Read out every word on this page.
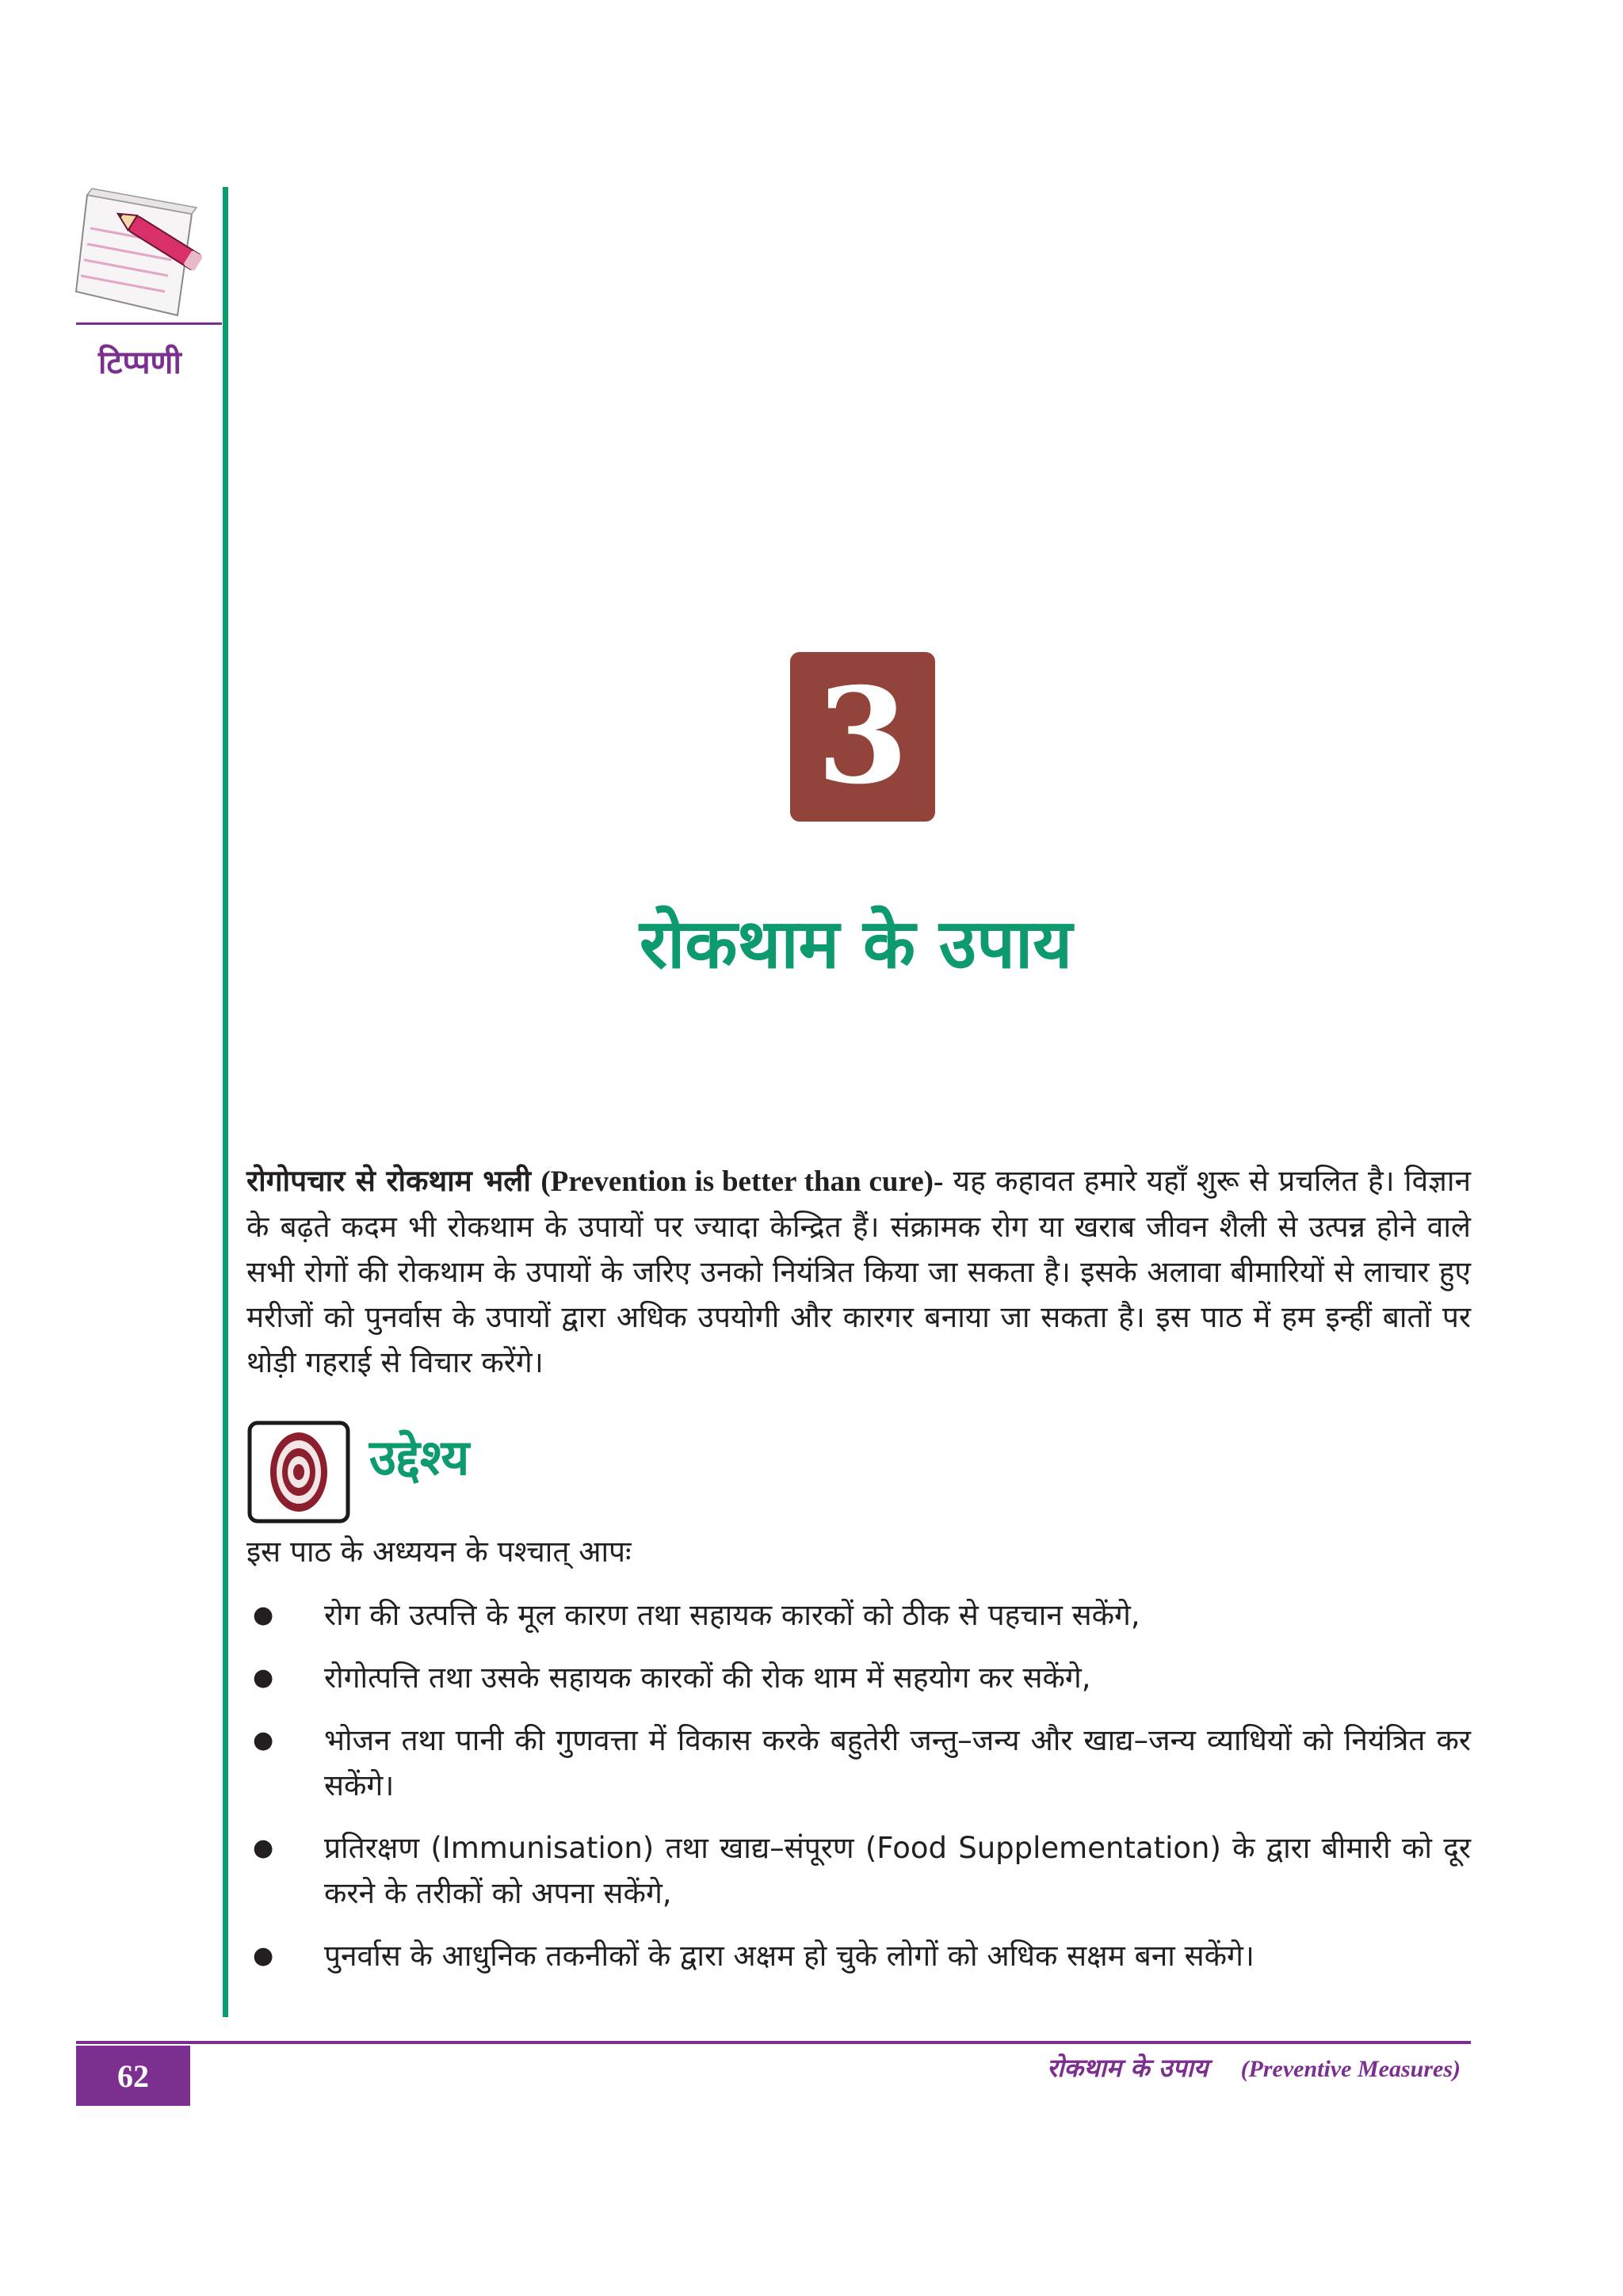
टिप्पणी
3
रोकथाम के उपाय

रोगोपचार से रोकथाम भली (Prevention is better than cure)- यह कहावत हमारे यहाँ शुरू से प्रचलित है। विज्ञान के बढ़ते कदम भी रोकथाम के उपायों पर ज्यादा केन्द्रित हैं। संक्रामक रोग या खराब जीवन शैली से उत्पन्न होने वाले सभी रोगों की रोकथाम के उपायों के जरिए उनको नियंत्रित किया जा सकता है। इसके अलावा बीमारियों से लाचार हुए मरीजों को पुनर्वास के उपायों द्वारा अधिक उपयोगी और कारगर बनाया जा सकता है। इस पाठ में हम इन्हीं बातों पर थोड़ी गहराई से विचार करेंगे।

उद्देश्य
इस पाठ के अध्ययन के पश्चात् आपः
● रोग की उत्पत्ति के मूल कारण तथा सहायक कारकों को ठीक से पहचान सकेंगे,
● रोगोत्पत्ति तथा उसके सहायक कारकों की रोक थाम में सहयोग कर सकेंगे,
● भोजन तथा पानी की गुणवत्ता में विकास करके बहुतेरी जन्तु–जन्य और खाद्य–जन्य व्याधियों को नियंत्रित कर सकेंगे।
● प्रतिरक्षण (Immunisation) तथा खाद्य–संपूरण (Food Supplementation) के द्वारा बीमारी को दूर करने के तरीकों को अपना सकेंगे,
● पुनर्वास के आधुनिक तकनीकों के द्वारा अक्षम हो चुके लोगों को अधिक सक्षम बना सकेंगे।
62	रोकथाम के उपाय (Preventive Measures)
